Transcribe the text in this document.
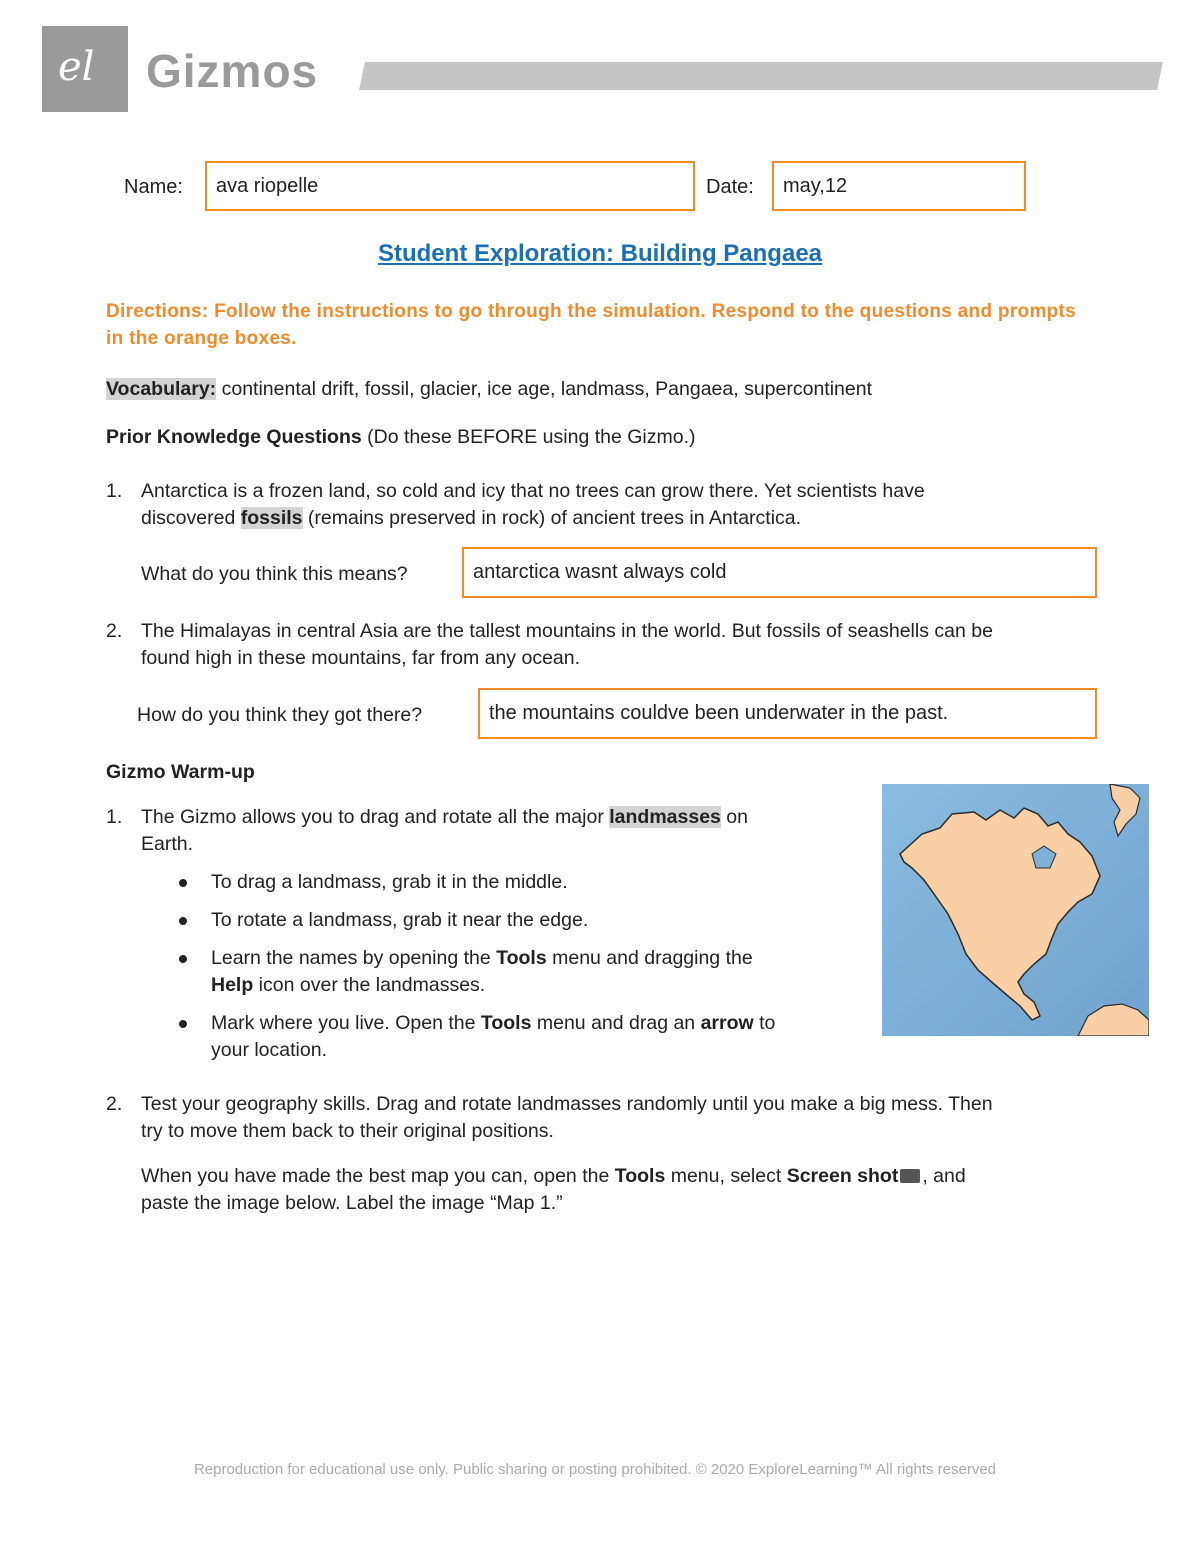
el Gizmos
Name: ava riopelle	Date: may,12
Student Exploration: Building Pangaea
Directions: Follow the instructions to go through the simulation. Respond to the questions and prompts in the orange boxes.
Vocabulary: continental drift, fossil, glacier, ice age, landmass, Pangaea, supercontinent
Prior Knowledge Questions (Do these BEFORE using the Gizmo.)
1. Antarctica is a frozen land, so cold and icy that no trees can grow there. Yet scientists have
discovered fossils (remains preserved in rock) of ancient trees in Antarctica.
What do you think this means?	antarctica wasnt always cold
2. The Himalayas in central Asia are the tallest mountains in the world. But fossils of seashells can be
found high in these mountains, far from any ocean.
How do you think they got there?	the mountains couldve been underwater in the past.
Gizmo Warm-up
1. The Gizmo allows you to drag and rotate all the major landmasses on
Earth.
To drag a landmass, grab it in the middle.
To rotate a landmass, grab it near the edge.
Learn the names by opening the Tools menu and dragging the
Help icon over the landmasses.
Mark where you live. Open the Tools menu and drag an arrow to
your location.
2. Test your geography skills. Drag and rotate landmasses randomly until you make a big mess. Then
try to move them back to their original positions.
When you have made the best map you can, open the Tools menu, select Screen shot , and
paste the image below. Label the image “Map 1.”
Reproduction for educational use only. Public sharing or posting prohibited. © 2020 ExploreLearning™ All rights reserved
